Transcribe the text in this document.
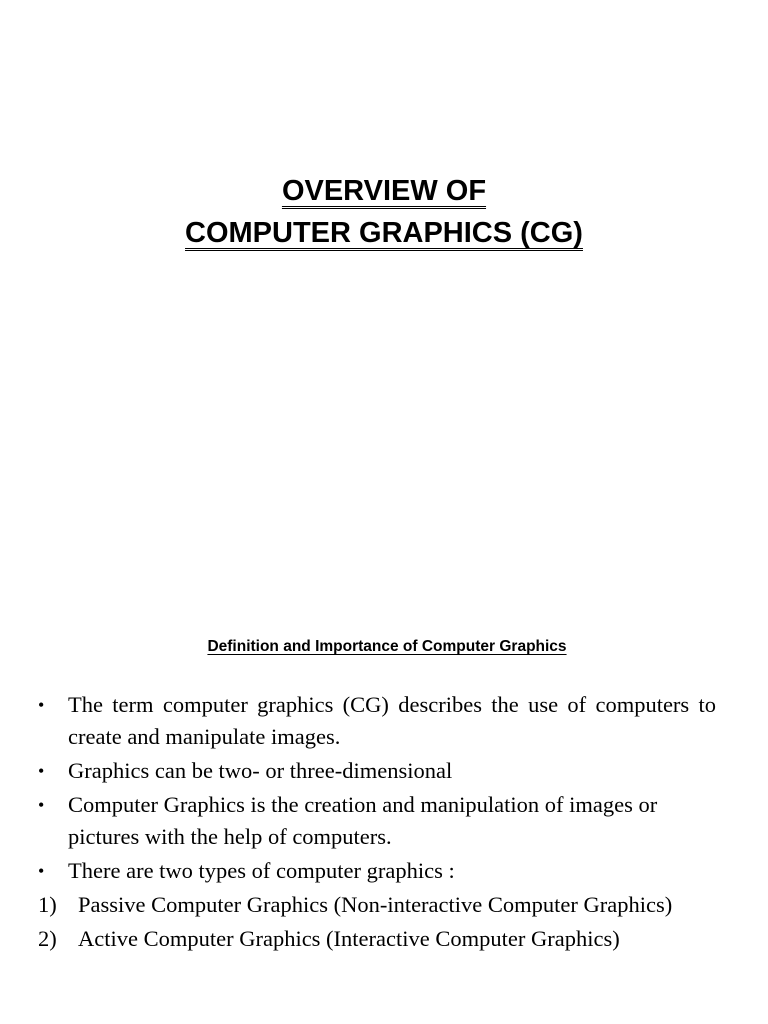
OVERVIEW OF
COMPUTER GRAPHICS (CG)
Definition and Importance of Computer Graphics
•	The term computer graphics (CG) describes the use of computers to create and manipulate images.
•	Graphics can be two- or three-dimensional
•	Computer Graphics is the creation and manipulation of images or pictures with the help of computers.
•	There are two types of computer graphics :
1) Passive Computer Graphics (Non-interactive Computer Graphics)
2) Active Computer Graphics (Interactive Computer Graphics)
